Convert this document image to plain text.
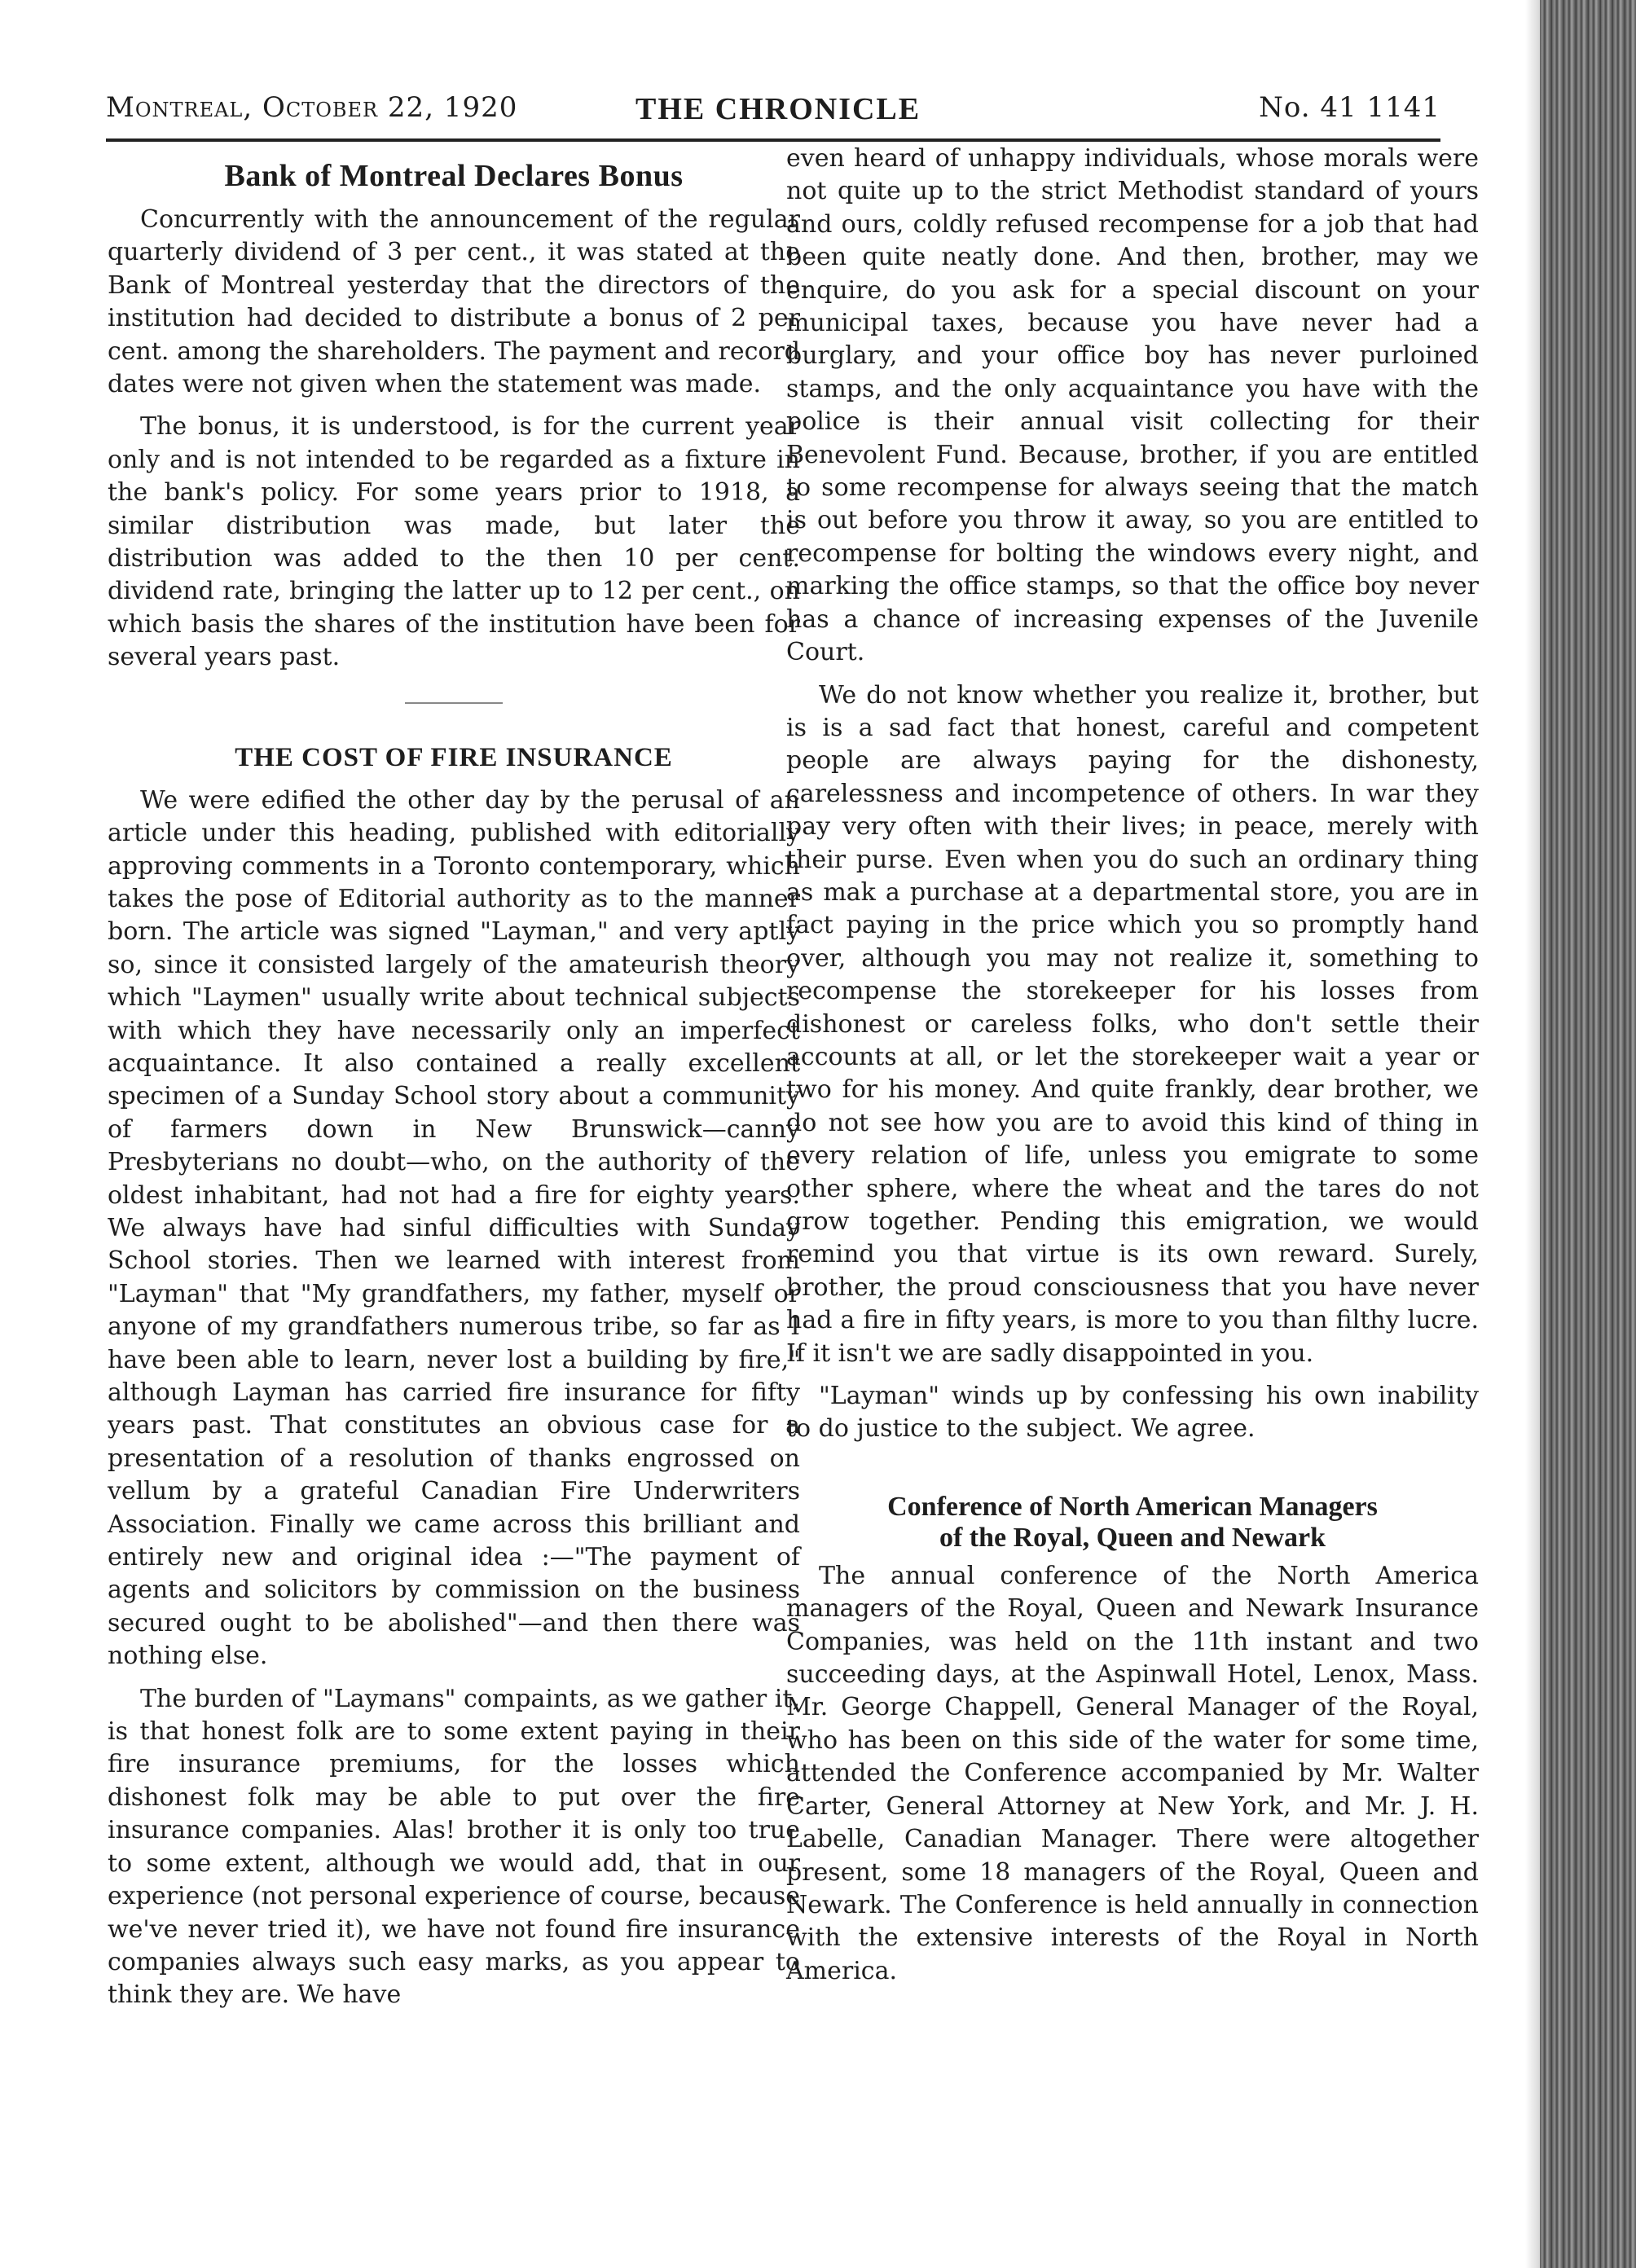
Montreal, October 22, 1920	THE CHRONICLE	No. 41 1141
Bank of Montreal Declares Bonus

Concurrently with the announcement of the regular quarterly dividend of 3 per cent., it was stated at the Bank of Montreal yesterday that the directors of the institution had decided to distribute a bonus of 2 per cent. among the shareholders. The payment and record dates were not given when the statement was made.

The bonus, it is understood, is for the current year only and is not intended to be regarded as a fixture in the bank's policy. For some years prior to 1918, a similar distribution was made, but later the distribution was added to the then 10 per cent. dividend rate, bringing the latter up to 12 per cent., on which basis the shares of the institution have been for several years past.

THE COST OF FIRE INSURANCE

We were edified the other day by the perusal of an article under this heading, published with editorially approving comments in a Toronto contemporary, which takes the pose of Editorial authority as to the manner born. The article was signed "Layman," and very aptly so, since it consisted largely of the amateurish theory which "Laymen" usually write about technical subjects with which they have necessarily only an imperfect acquaintance. It also contained a really excellent specimen of a Sunday School story about a community of farmers down in New Brunswick—canny Presbyterians no doubt—who, on the authority of the oldest inhabitant, had not had a fire for eighty years. We always have had sinful difficulties with Sunday School stories. Then we learned with interest from "Layman" that "My grandfathers, my father, myself or anyone of my grandfathers numerous tribe, so far as I have been able to learn, never lost a building by fire," although Layman has carried fire insurance for fifty years past. That constitutes an obvious case for a presentation of a resolution of thanks engrossed on vellum by a grateful Canadian Fire Underwriters Association. Finally we came across this brilliant and entirely new and original idea :—"The payment of agents and solicitors by commission on the business secured ought to be abolished"—and then there was nothing else.

The burden of "Laymans" compaints, as we gather it, is that honest folk are to some extent paying in their fire insurance premiums, for the losses which dishonest folk may be able to put over the fire insurance companies. Alas! brother it is only too true to some extent, although we would add, that in our experience (not personal experience of course, because we've never tried it), we have not found fire insurance companies always such easy marks, as you appear to think they are. We have

even heard of unhappy individuals, whose morals were not quite up to the strict Methodist standard of yours and ours, coldly refused recompense for a job that had been quite neatly done. And then, brother, may we enquire, do you ask for a special discount on your municipal taxes, because you have never had a burglary, and your office boy has never purloined stamps, and the only acquaintance you have with the police is their annual visit collecting for their Benevolent Fund. Because, brother, if you are entitled to some recompense for always seeing that the match is out before you throw it away, so you are entitled to recompense for bolting the windows every night, and marking the office stamps, so that the office boy never has a chance of increasing expenses of the Juvenile Court.

We do not know whether you realize it, brother, but is is a sad fact that honest, careful and competent people are always paying for the dishonesty, carelessness and incompetence of others. In war they pay very often with their lives; in peace, merely with their purse. Even when you do such an ordinary thing as mak a purchase at a departmental store, you are in fact paying in the price which you so promptly hand over, although you may not realize it, something to recompense the storekeeper for his losses from dishonest or careless folks, who don't settle their accounts at all, or let the storekeeper wait a year or two for his money. And quite frankly, dear brother, we do not see how you are to avoid this kind of thing in every relation of life, unless you emigrate to some other sphere, where the wheat and the tares do not grow together. Pending this emigration, we would remind you that virtue is its own reward. Surely, brother, the proud consciousness that you have never had a fire in fifty years, is more to you than filthy lucre. If it isn't we are sadly disappointed in you.

"Layman" winds up by confessing his own inability to do justice to the subject. We agree.

Conference of North American Managers
of the Royal, Queen and Newark

The annual conference of the North America managers of the Royal, Queen and Newark Insurance Companies, was held on the 11th instant and two succeeding days, at the Aspinwall Hotel, Lenox, Mass. Mr. George Chappell, General Manager of the Royal, who has been on this side of the water for some time, attended the Conference accompanied by Mr. Walter Carter, General Attorney at New York, and Mr. J. H. Labelle, Canadian Manager. There were altogether present, some 18 managers of the Royal, Queen and Newark. The Conference is held annually in connection with the extensive interests of the Royal in North America.
